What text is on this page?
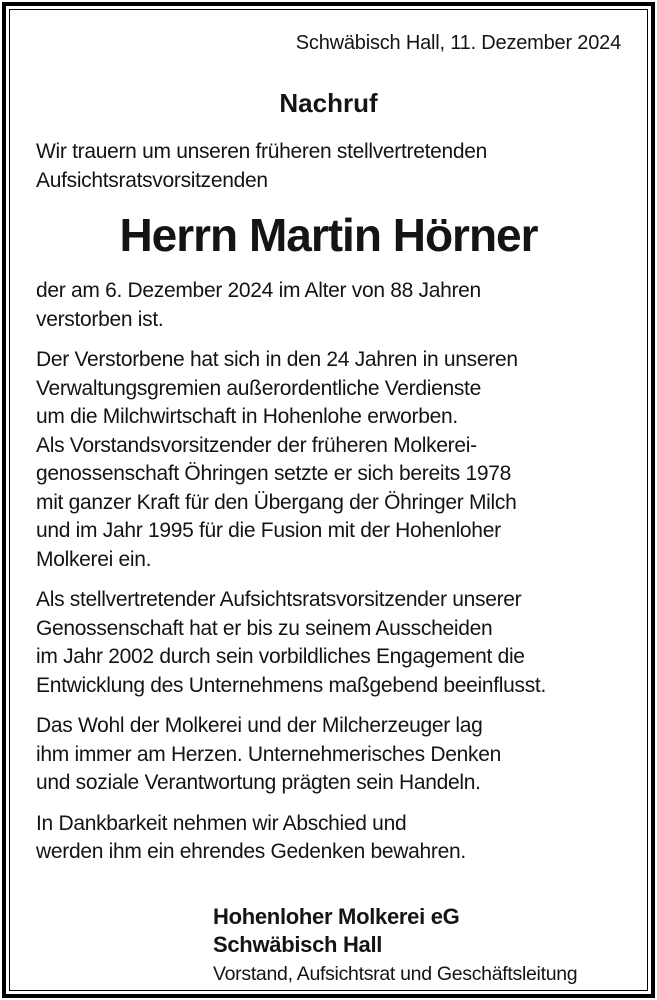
Schwäbisch Hall, 11. Dezember 2024
Nachruf
Wir trauern um unseren früheren stellvertretenden
Aufsichtsratsvorsitzenden
Herrn Martin Hörner
der am 6. Dezember 2024 im Alter von 88 Jahren
verstorben ist.
Der Verstorbene hat sich in den 24 Jahren in unseren
Verwaltungsgremien außerordentliche Verdienste
um die Milchwirtschaft in Hohenlohe erworben.
Als Vorstandsvorsitzender der früheren Molkerei-
genossenschaft Öhringen setzte er sich bereits 1978
mit ganzer Kraft für den Übergang der Öhringer Milch
und im Jahr 1995 für die Fusion mit der Hohenloher
Molkerei ein.
Als stellvertretender Aufsichtsratsvorsitzender unserer
Genossenschaft hat er bis zu seinem Ausscheiden
im Jahr 2002 durch sein vorbildliches Engagement die
Entwicklung des Unternehmens maßgebend beeinflusst.
Das Wohl der Molkerei und der Milcherzeuger lag
ihm immer am Herzen. Unternehmerisches Denken
und soziale Verantwortung prägten sein Handeln.
In Dankbarkeit nehmen wir Abschied und
werden ihm ein ehrendes Gedenken bewahren.
Hohenloher Molkerei eG
Schwäbisch Hall
Vorstand, Aufsichtsrat und Geschäftsleitung
